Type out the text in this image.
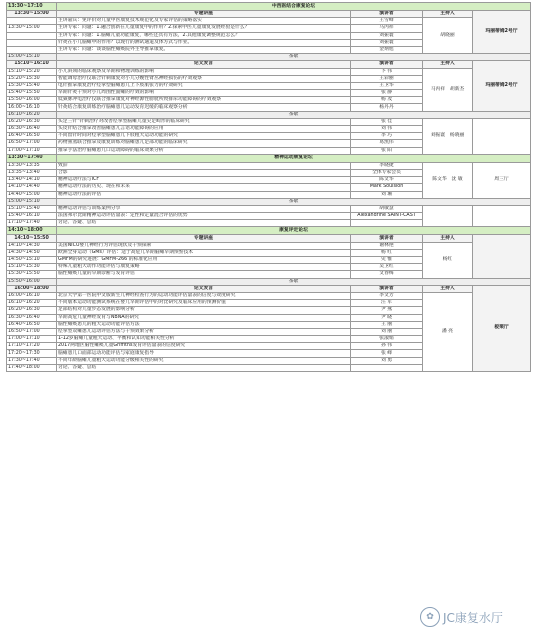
13:30~17:10	中西医结合康复论坛			
13:30~15:00	专题讲座	演讲者	主持人	玛丽蒂姆2号厅
	主讲嘉宾：免评价对儿童中医康复技术规范化及专家评估的策略落实	王雪峰	胡晓丽	
13:30~15:00	主讲专家：问题：1.融合创新在儿童康复中的作用？2.探索中医儿童康复发展经验是什么？	马丙祥		
	主讲专家：问题：1.脑瘫儿童功能康复，哪些还具有方法，2.其他康复调整规范怎么？	刘振寰		
	针灸在小儿脑瘫中的作用？以现行的测试通道及体方式与作业。	刘振寰		
	主讲专家：问题：谈谈脑性瘫痪院外主导推拿康复。	金炳旭		
15:00~15:10	茶歇			
15:10~16:10	论文发言	演讲者	主持人	玛丽蒂姆2号厅
15:10~15:20	小儿斜颈的临床观察及早期和物理训练的影响	卜 伟	马丙祥　胡新杰	
15:20~15:30	智能调母治疗仪联合针刺康复对小儿分娩性臂丛神经损伤的疗效观察	王彩丽		
15:30~15:40	电针推拿康复治疗痉挛型脑瘫患儿上下肢肌张力的疗效研究	王卫华		
15:40~15:50	早期针灸干预对小儿周围性面瘫的疗效的影响	张 静		
15:50~16:00	低频脉冲电治疗仪联合推拿康复对神经源性膀胱所致排尿功能障碍的疗效观察	杨 茂		
16:00~16:10	针灸结合康复训练治疗脑瘫患儿运动发育迟缓的临床观察分析	杨丹丹		
16:10~16:20	茶歇			
16:20~16:30	头足三针"针刺治疗对改善痉挛型脑瘫儿童尖足畸形的临床研究	张 佳	刘振寰　杨晓丽	
16:30~16:40	头皮针结合推拿改善脑瘫患儿言语功能障碍的应用	刘 伟		
16:40~16:50	不同留针时间对痉挛型脑瘫患儿下肢粗大运动功能的研究	李 巧		
16:50~17:00	药物熏蒸联合推拿及康复训练对脑瘫患儿足部功能的临床研究	易凯伟		
17:00~17:10	推拿手法治疗脑瘫患儿口运动障碍的临床效果分析	张 阳		
13:30~17:40	精神运动康复论坛			
13:30~13:35	致辞	李晓捷	陈文华　沈 敏	周三厅
13:35~13:40	合影	全体专家会员		
13:40~14:10	精神运动疗法与ICF	陈文华		
14:10~14:40	精神运动疗法的历史、现在和未来	Mark Soulsion		
14:40~15:00	精神运动疗法的评估	刘 珊		
15:00~15:10	茶歇			
15:10~15:40	精神运动评估与训练案例分享	胡敏慧		
15:40~16:10	法国弗尔比斯精神运动评估量表：定性和定量混合评估的优势	Alexandrine SAINT-CAST		
17:10~17:40	讨论、答疑、总结			
14:10~18:00	康复评定论坛			
14:10~15:50	专题讲座	演讲者	主持人	
14:10~14:30	美国NICU婴儿神经行为评估现状及干预探索	谢林艳	杨红	
14:30~14:50	欧洲全身运动（GMs）评估：适于高危儿早期脑瘫早期预警技术	杨 红		
14:50~15:10	GMFM的研究进展：GMFM-266 的标准化应用	史 惟		
15:10~15:30	特殊儿童粗大动作功能评估与康复策略	吴卫红		
15:30~15:50	脑性瘫痪儿童的早期诊断与发育评估	文春梅		
15:50~16:00	茶歇			
16:00~18:00	论文发言	演讲者	主持人	板栗厅
16:00~16:10	北京大学第一医院中文版新生儿神经检查行为的运动功能评估量表的信度与效度研究	李文芳	潘 亮	
16:10~16:20	不同版本运动功能测试系统在婴儿早期评估中的对比研究及临床应用的预测价值	汪 军		
16:20~16:30	足部结构对儿童步态发展的影响分析	尹 燕		
16:30~16:40	早期高危儿童神经发育与NBNA的研究	尹 晓		
16:40~16:50	脑性瘫痪患儿的粗大运动功能评估方法	王 丽		
16:50~17:00	痉挛型双瘫患儿运动评估方法与干预效果分析	刘 丽		
17:00~17:10	1-12岁脑瘫儿童粗大运动、平衡和认知功能相关性分析	张淑娟		
17:10~17:20	2017两地区脑性瘫痪儿童Griffiths发育评估量表的信度研究	孙 伟		
17:20~17:30	脑瘫患儿口面部运动功能评估与家庭康复指导	张 峰		
17:30~17:40	不同年龄脑瘫儿童粗大运动功能分级相关性的研究	刘 勇		
17:40~18:00	讨论、答疑、总结			
✿ JC康复水厅
